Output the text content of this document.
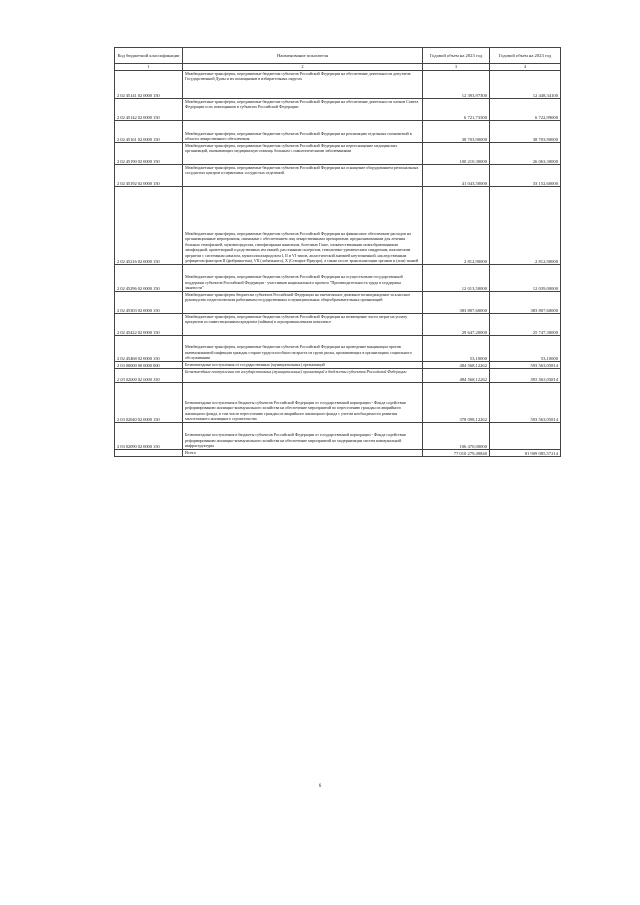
Код бюджетной классификации	Наименование показателя	Годовой объем на 2023 год	Годовой объем на 2023 год
1	2	3	4
2 02 45141 02 0000 150	Межбюджетные трансферты, передаваемые бюджетам субъектов Российской Федерации на обеспечение деятельности депутатов Государственной Думы и их помощников в избирательных округах	12 393,97300	12 448,34100
2 02 45142 02 0000 150	Межбюджетные трансферты, передаваемые бюджетам субъектов Российской Федерации на обеспечение деятельности членов Совета Федерации и их помощников в субъектах Российской Федерации	6 721,73300	6 722,99000
2 02 45161 02 0000 150	Межбюджетные трансферты, передаваемые бюджетам субъектов Российской Федерации на реализацию отдельных полномочий в области лекарственного обеспечения	38 703,90000	38 703,90000
2 02 45190 02 0000 150	Межбюджетные трансферты, передаваемые бюджетам субъектов Российской Федерации на переоснащение медицинских организаций, оказывающих медицинскую помощь больным с онкологическими заболеваниями	100 210,30000	26 063,30000
2 02 45192 02 0000 150	Межбюджетные трансферты, передаваемые бюджетам субъектов Российской Федерации на оснащение оборудованием региональных сосудистых центров и первичных сосудистых отделений	41 043,50000	33 152,60000
2 02 45216 02 0000 150	Межбюджетные трансферты, передаваемые бюджетам субъектов Российской Федерации на финансовое обеспечение расходов на организационные мероприятия, связанные с обеспечением лиц лекарственными препаратами, предназначенными для лечения больных гемофилией, муковисцидозом, гипофизарным нанизмом, болезнью Гоше, злокачественными новообразованиями лимфоидной, кроветворной и родственных им тканей, рассеянным склерозом, гемолитико-уремическим синдромом, юношеским артритом с системным началом, мукополисахаридозом I, II и VI типов, апластической анемией неуточненной, наследственным дефицитом факторов II (фибриногена), VII (лабильного), X (Стюарта-Прауэра), а также после трансплантации органов и (или) тканей	2 812,90000	2 812,90000
2 02 45296 02 0000 150	Межбюджетные трансферты, передаваемые бюджетам субъектов Российской Федерации на осуществление государственной поддержки субъектов Российской Федерации - участников национального проекта "Производительность труда и поддержка занятости"	12 013,50000	12 039,00000
2 02 45303 02 0000 150	Межбюджетные трансферты бюджетам субъектов Российской Федерации на ежемесячное денежное вознаграждение за классное руководство педагогическим работникам государственных и муниципальных общеобразовательных организаций	383 807,60000	383 807,60000
2 02 45422 02 0000 150	Межбюджетные трансферты, передаваемые бюджетам субъектов Российской Федерации на возмещение части затрат на уплату процентов по инвестиционным кредитам (займам) в агропромышленном комплексе	29 647,20000	25 747,30000
2 02 45468 02 0000 150	Межбюджетные трансферты, передаваемые бюджетам субъектов Российской Федерации на проведение вакцинации против пневмококковой инфекции граждан старше трудоспособного возраста из групп риска, проживающих в организациях социального обслуживания	53,10000	53,10000
2 03 00000 00 0000 000	Безвозмездные поступления от государственных (муниципальных) организаций	484 568,12262	593 563,05814
2 03 02000 02 0000 150	Безвозмездные поступления от государственных (муниципальных) организаций в бюджеты субъектов Российской Федерации	484 568,12262	593 563,05814
2 03 02040 02 0000 150	Безвозмездные поступления в бюджеты субъектов Российской Федерации от государственной корпорации - Фонда содействия реформированию жилищно-коммунального хозяйства на обеспечение мероприятий по переселению граждан из аварийного жилищного фонда, в том числе переселению граждан из аварийного жилищного фонда с учетом необходимости развития малоэтажного жилищного строительства	378 098,12262	593 563,05814
2 03 02090 02 0000 150	Безвозмездные поступления в бюджеты субъектов Российской Федерации от государственной корпорации - Фонда содействия реформированию жилищно-коммунального хозяйства на обеспечение мероприятий по модернизации систем коммунальной инфраструктуры	106 470,00000	
	Всего	77 010 279,49840	81 909 085,57214
6
